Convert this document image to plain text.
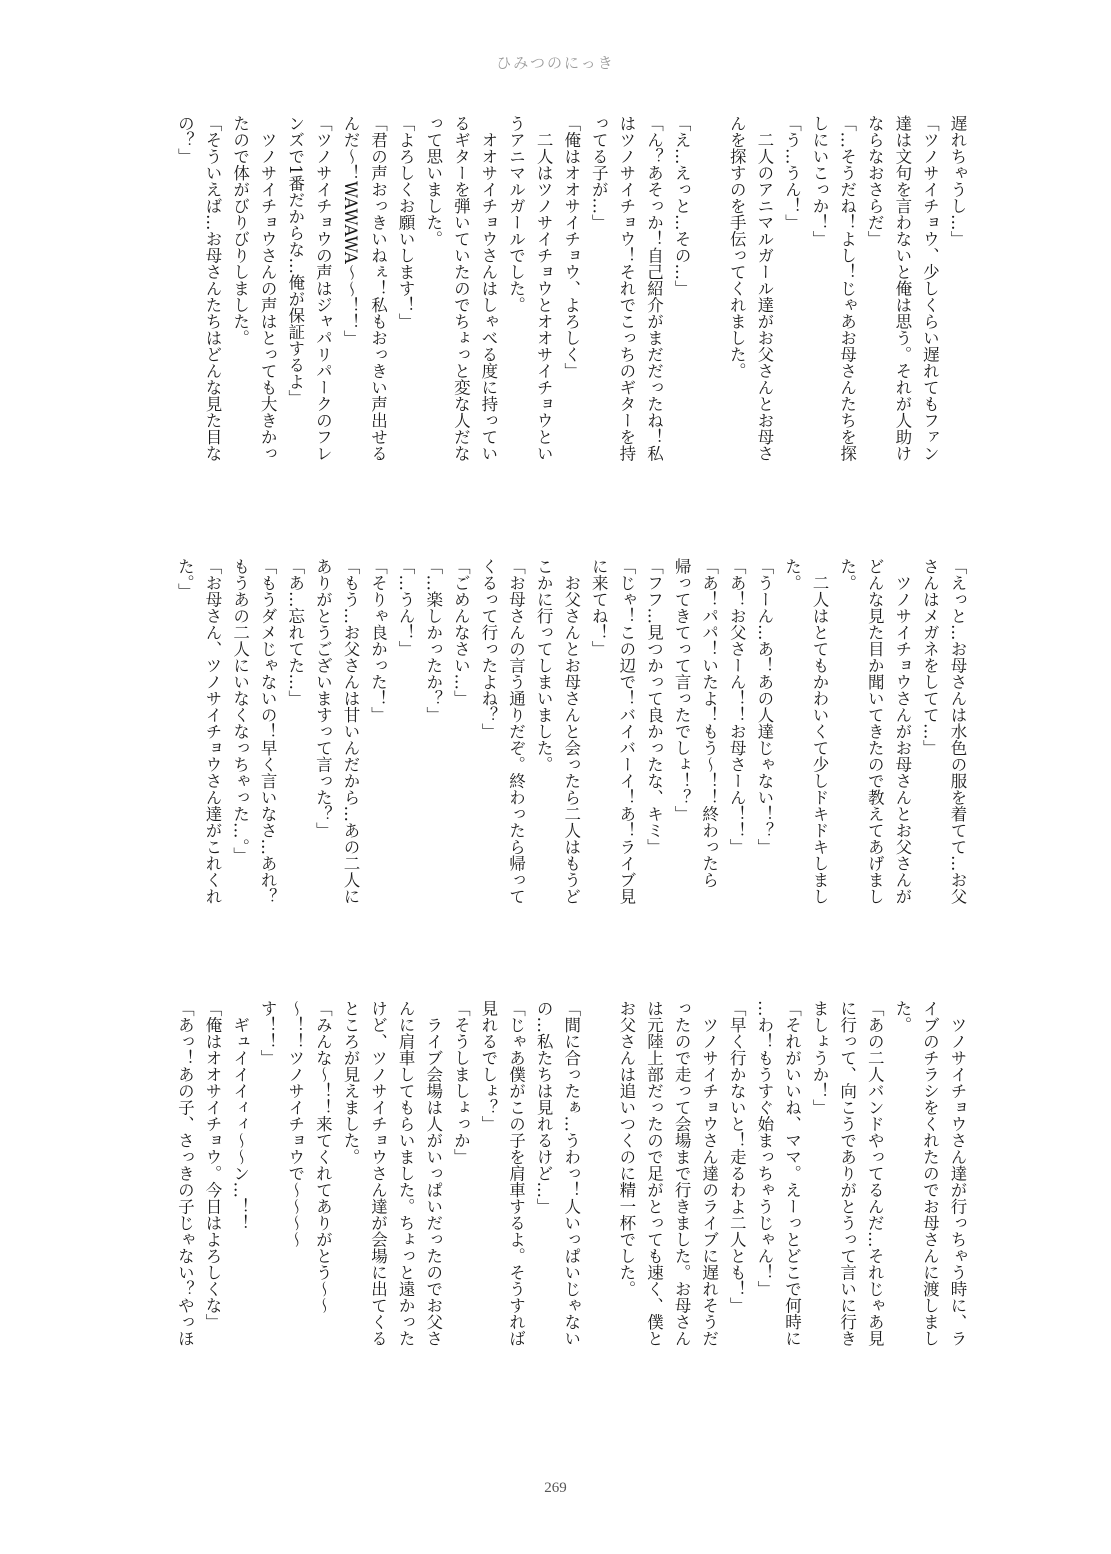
ひみつのにっき
遅れちゃうし…」
「ツノサイチョウ、少しくらい遅れてもファン
達は文句を言わないと俺は思う。それが人助け
ならなおさらだ」
「…そうだね！よし！じゃあお母さんたちを探
しにいこっか！」
「う…うん！」
　二人のアニマルガール達がお父さんとお母さ
んを探すのを手伝ってくれました。

「え…えっと…その…」
「ん？あそっか！自己紹介がまだだったね！私
はツノサイチョウ！それでこっちのギターを持
ってる子が…」
「俺はオオサイチョウ、よろしく」
　二人はツノサイチョウとオオサイチョウとい
うアニマルガールでした。
　オオサイチョウさんはしゃべる度に持ってい
るギターを弾いていたのでちょっと変な人だな
って思いました。
「よろしくお願いします！」
「君の声おっきいねぇ！私もおっきい声出せる
んだ～！WAWAWA～～！！」
「ツノサイチョウの声はジャパリパークのフレ
ンズで1番だからな…俺が保証するよ」
　ツノサイチョウさんの声はとっても大きかっ
たので体がびりびりしました。
「そういえば…お母さんたちはどんな見た目な
の？」
「えっと…お母さんは水色の服を着てて…お父
さんはメガネをしてて…」
　ツノサイチョウさんがお母さんとお父さんが
どんな見た目か聞いてきたので教えてあげまし
た。
　二人はとてもかわいくて少しドキドキしまし
た。
「うーん…あ！あの人達じゃない！？」
「あ！お父さーん！！お母さーん！！」
「あ！パパ！いたよ！もう～！！終わったら
帰ってきてって言ったでしょ！？」
「フフ…見つかって良かったな、キミ」
「じゃ！この辺で！バイバーイ！あ！ライブ見
に来てね！」
　お父さんとお母さんと会ったら二人はもうど
こかに行ってしまいました。
「お母さんの言う通りだぞ。終わったら帰って
くるって行ったよね？」
「ごめんなさい…」
「…楽しかったか？」
「…うん！」
「そりゃ良かった！」
「もう…お父さんは甘いんだから…あの二人に
ありがとうございますって言った？」
「あ…忘れてた…」
「もうダメじゃないの！早く言いなさ…あれ？
もうあの二人にいなくなっちゃった…。」
「お母さん、ツノサイチョウさん達がこれくれ
た。」
　ツノサイチョウさん達が行っちゃう時に、ラ
イブのチラシをくれたのでお母さんに渡しまし
た。
「あの二人バンドやってるんだ…それじゃあ見
に行って、向こうでありがとうって言いに行き
ましょうか！」
「それがいいね、ママ。えーっとどこで何時に
…わ！もうすぐ始まっちゃうじゃん！」
「早く行かないと！走るわよ二人とも！」
　ツノサイチョウさん達のライブに遅れそうだ
ったので走って会場まで行きました。お母さん
は元陸上部だったので足がとっても速く、僕と
お父さんは追いつくのに精一杯でした。

「間に合ったぁ…うわっ！人いっぱいじゃない
の…私たちは見れるけど…」
「じゃあ僕がこの子を肩車するよ。そうすれば
見れるでしょ？」
「そうしましょっか」
　ライブ会場は人がいっぱいだったのでお父さ
んに肩車してもらいました。ちょっと遠かった
けど、ツノサイチョウさん達が会場に出てくる
ところが見えました。
「みんな～！！来てくれてありがとう～～
～！！ツノサイチョウで～～～～
す！！」
　ギュイイイィィ～～ン…！！
「俺はオオサイチョウ。今日はよろしくな」
「あっ！あの子、さっきの子じゃない？やっほ
269
